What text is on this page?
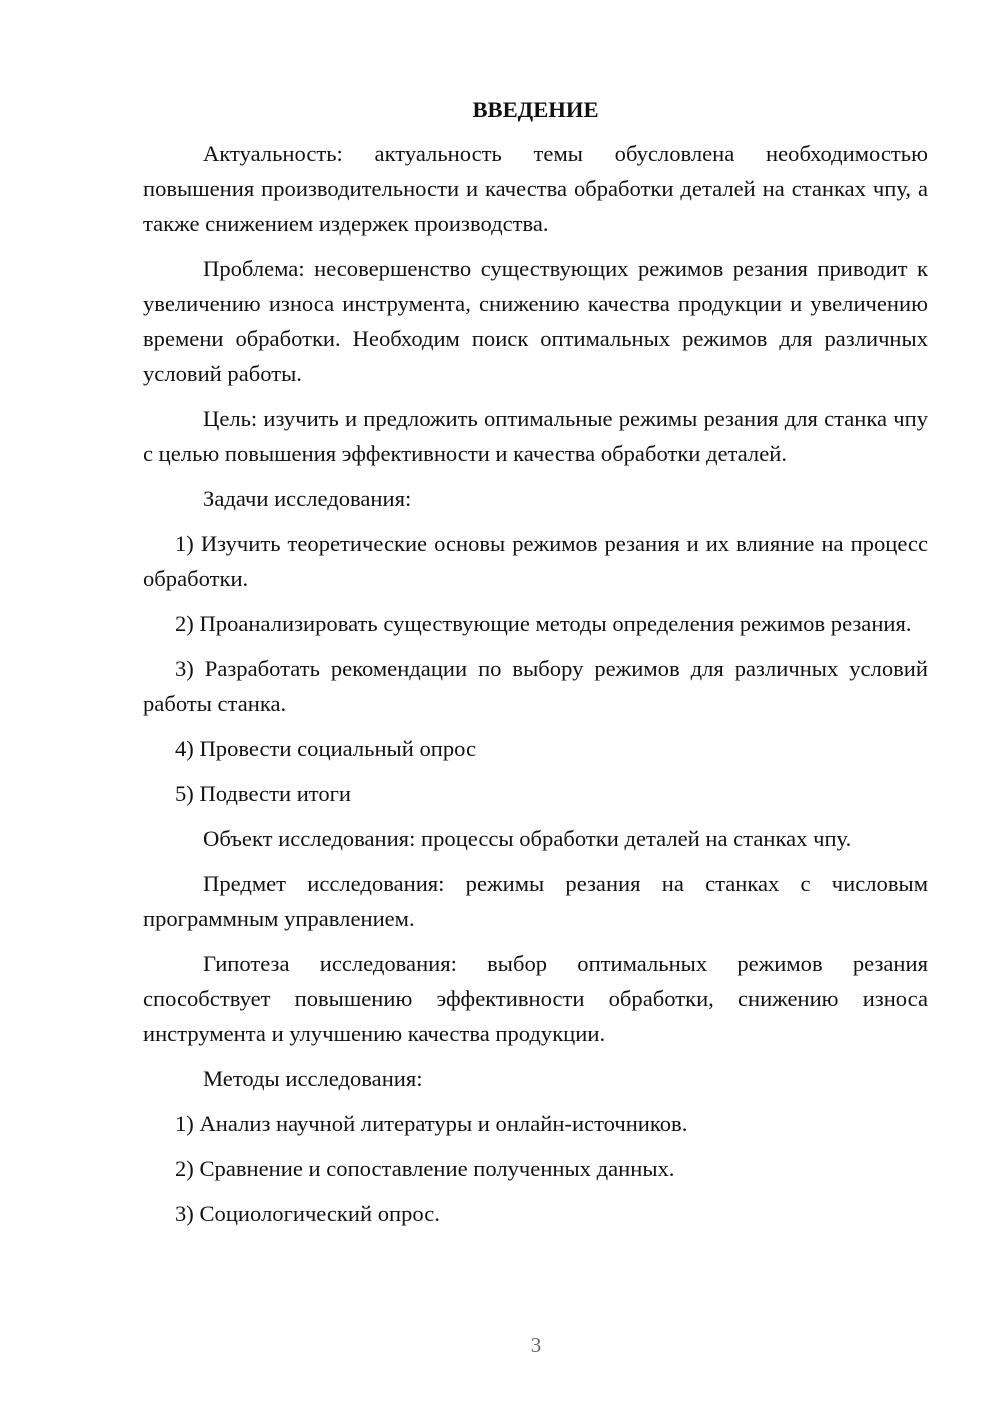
ВВЕДЕНИЕ

Актуальность: актуальность темы обусловлена необходимостью повышения производительности и качества обработки деталей на станках чпу, а также снижением издержек производства.

Проблема: несовершенство существующих режимов резания приводит к увеличению износа инструмента, снижению качества продукции и увеличению времени обработки. Необходим поиск оптимальных режимов для различных условий работы.

Цель: изучить и предложить оптимальные режимы резания для станка чпу с целью повышения эффективности и качества обработки деталей.

Задачи исследования:

1) Изучить теоретические основы режимов резания и их влияние на процесс обработки.

2) Проанализировать существующие методы определения режимов резания.

3) Разработать рекомендации по выбору режимов для различных условий работы станка.

4) Провести социальный опрос

5) Подвести итоги

Объект исследования: процессы обработки деталей на станках чпу.

Предмет исследования: режимы резания на станках с числовым программным управлением.

Гипотеза исследования: выбор оптимальных режимов резания способствует повышению эффективности обработки, снижению износа инструмента и улучшению качества продукции.

Методы исследования:

1) Анализ научной литературы и онлайн-источников.

2) Сравнение и сопоставление полученных данных.

3) Социологический опрос.

3
